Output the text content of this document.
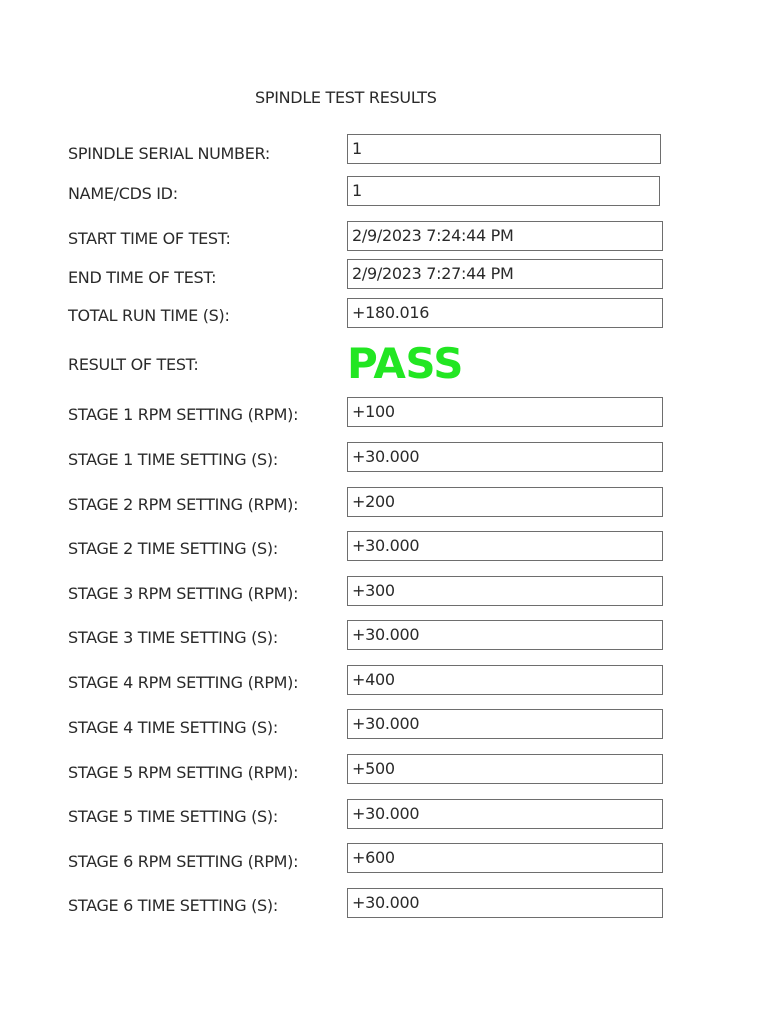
SPINDLE TEST RESULTS
SPINDLE SERIAL NUMBER:	1
NAME/CDS ID:	1
START TIME OF TEST:	2/9/2023 7:24:44 PM
END TIME OF TEST:	2/9/2023 7:27:44 PM
TOTAL RUN TIME (S):	+180.016
RESULT OF TEST:	PASS
STAGE 1 RPM SETTING (RPM):	+100
STAGE 1 TIME SETTING (S):	+30.000
STAGE 2 RPM SETTING (RPM):	+200
STAGE 2 TIME SETTING (S):	+30.000
STAGE 3 RPM SETTING (RPM):	+300
STAGE 3 TIME SETTING (S):	+30.000
STAGE 4 RPM SETTING (RPM):	+400
STAGE 4 TIME SETTING (S):	+30.000
STAGE 5 RPM SETTING (RPM):	+500
STAGE 5 TIME SETTING (S):	+30.000
STAGE 6 RPM SETTING (RPM):	+600
STAGE 6 TIME SETTING (S):	+30.000
